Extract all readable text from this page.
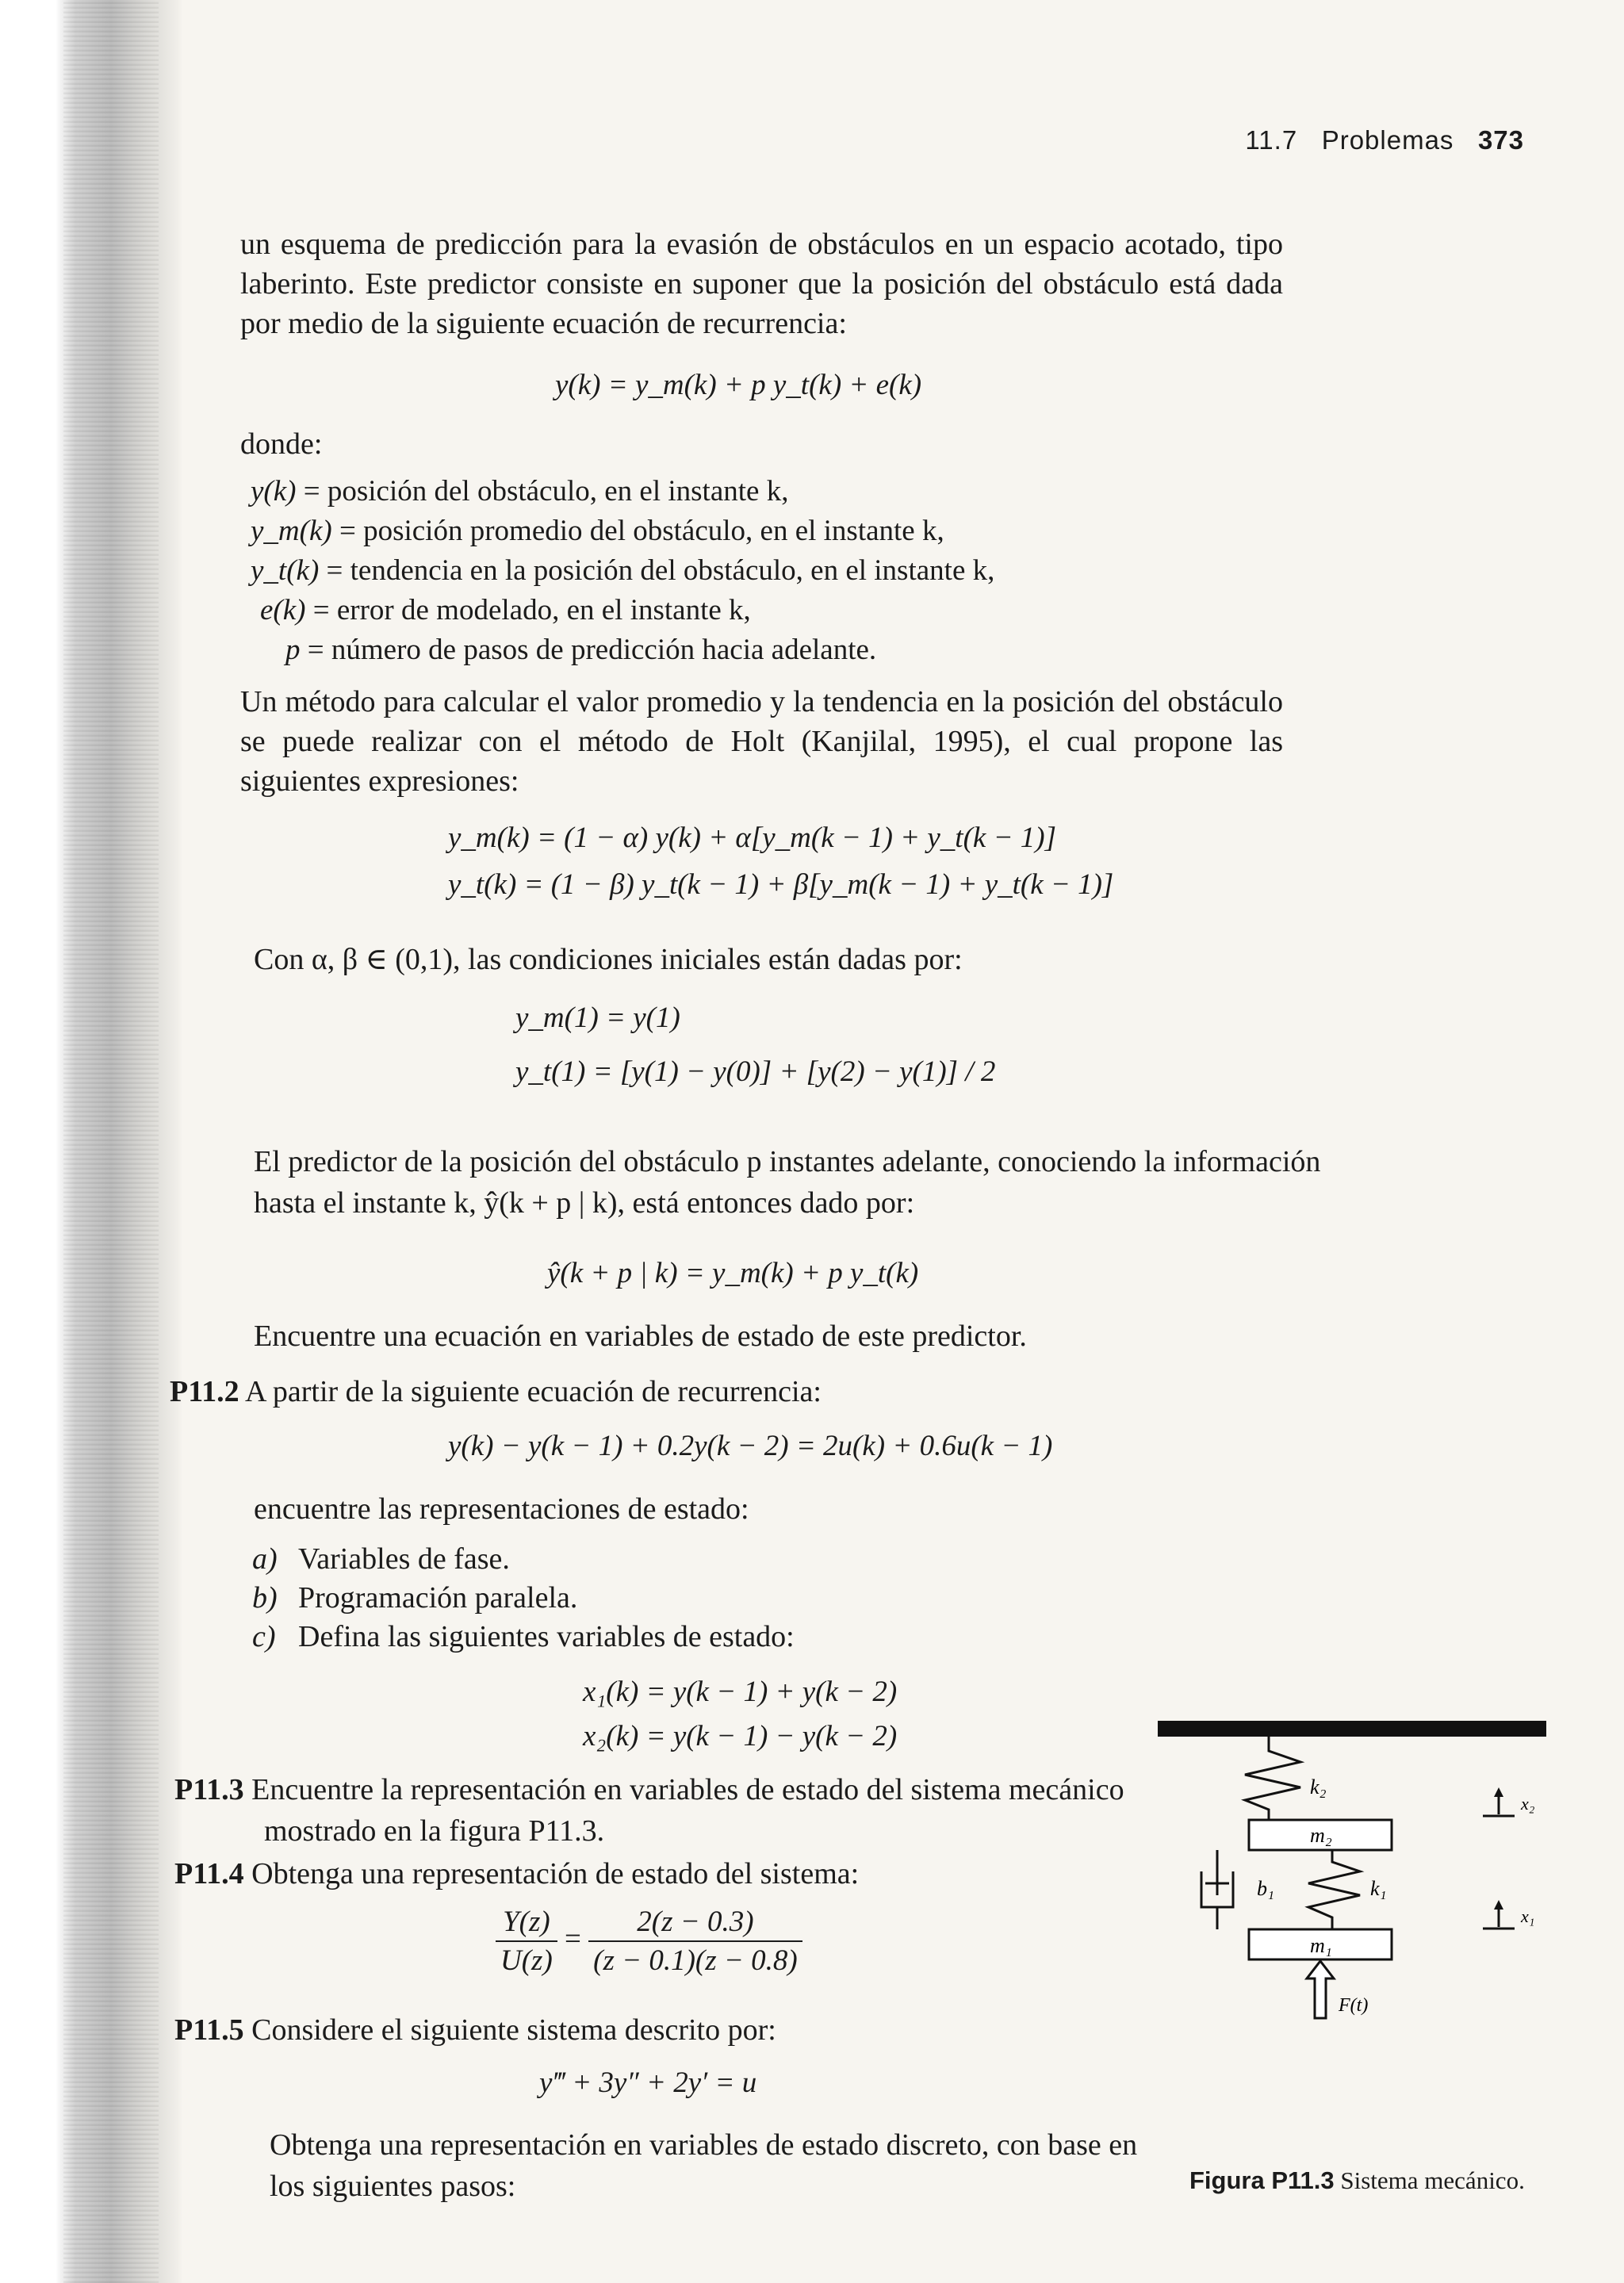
11.7 Problemas 373
un esquema de predicción para la evasión de obstáculos en un espacio acotado, tipo laberinto. Este predictor consiste en suponer que la posición del obstáculo está dada por medio de la siguiente ecuación de recurrencia:
y(k) = y_m(k) + p y_t(k) + e(k)
donde:
y(k) = posición del obstáculo, en el instante k,
y_m(k) = posición promedio del obstáculo, en el instante k,
y_t(k) = tendencia en la posición del obstáculo, en el instante k,
e(k) = error de modelado, en el instante k,
p = número de pasos de predicción hacia adelante.
Un método para calcular el valor promedio y la tendencia en la posición del obstáculo se puede realizar con el método de Holt (Kanjilal, 1995), el cual propone las siguientes expresiones:
y_m(k) = (1 − α) y(k) + α[y_m(k − 1) + y_t(k − 1)]
y_t(k) = (1 − β) y_t(k − 1) + β[y_m(k − 1) + y_t(k − 1)]
Con α, β ∈ (0,1), las condiciones iniciales están dadas por:
y_m(1) = y(1)
y_t(1) = [y(1) − y(0)] + [y(2) − y(1)] / 2
El predictor de la posición del obstáculo p instantes adelante, conociendo la información
hasta el instante k, ŷ(k + p | k), está entonces dado por:
ŷ(k + p | k) = y_m(k) + p y_t(k)
Encuentre una ecuación en variables de estado de este predictor.
P11.2 A partir de la siguiente ecuación de recurrencia:
y(k) − y(k − 1) + 0.2y(k − 2) = 2u(k) + 0.6u(k − 1)
encuentre las representaciones de estado:
a) Variables de fase.
b) Programación paralela.
c) Defina las siguientes variables de estado:
x₁(k) = y(k − 1) + y(k − 2)
x₂(k) = y(k − 1) − y(k − 2)
P11.3 Encuentre la representación en variables de estado del sistema mecánico
mostrado en la figura P11.3.
P11.4 Obtenga una representación de estado del sistema:
$\frac{Y(z)}{U(z)} = \frac{2(z - 0.3)}{(z - 0.1)(z - 0.8)}$
P11.5 Considere el siguiente sistema descrito por:
y‴ + 3y″ + 2y′ = u
Obtenga una representación en variables de estado discreto, con base en
los siguientes pasos:
k₂
m₂
x₂
b₁	k₁
m₁
x₁
F(t)
Figura P11.3 Sistema mecánico.
